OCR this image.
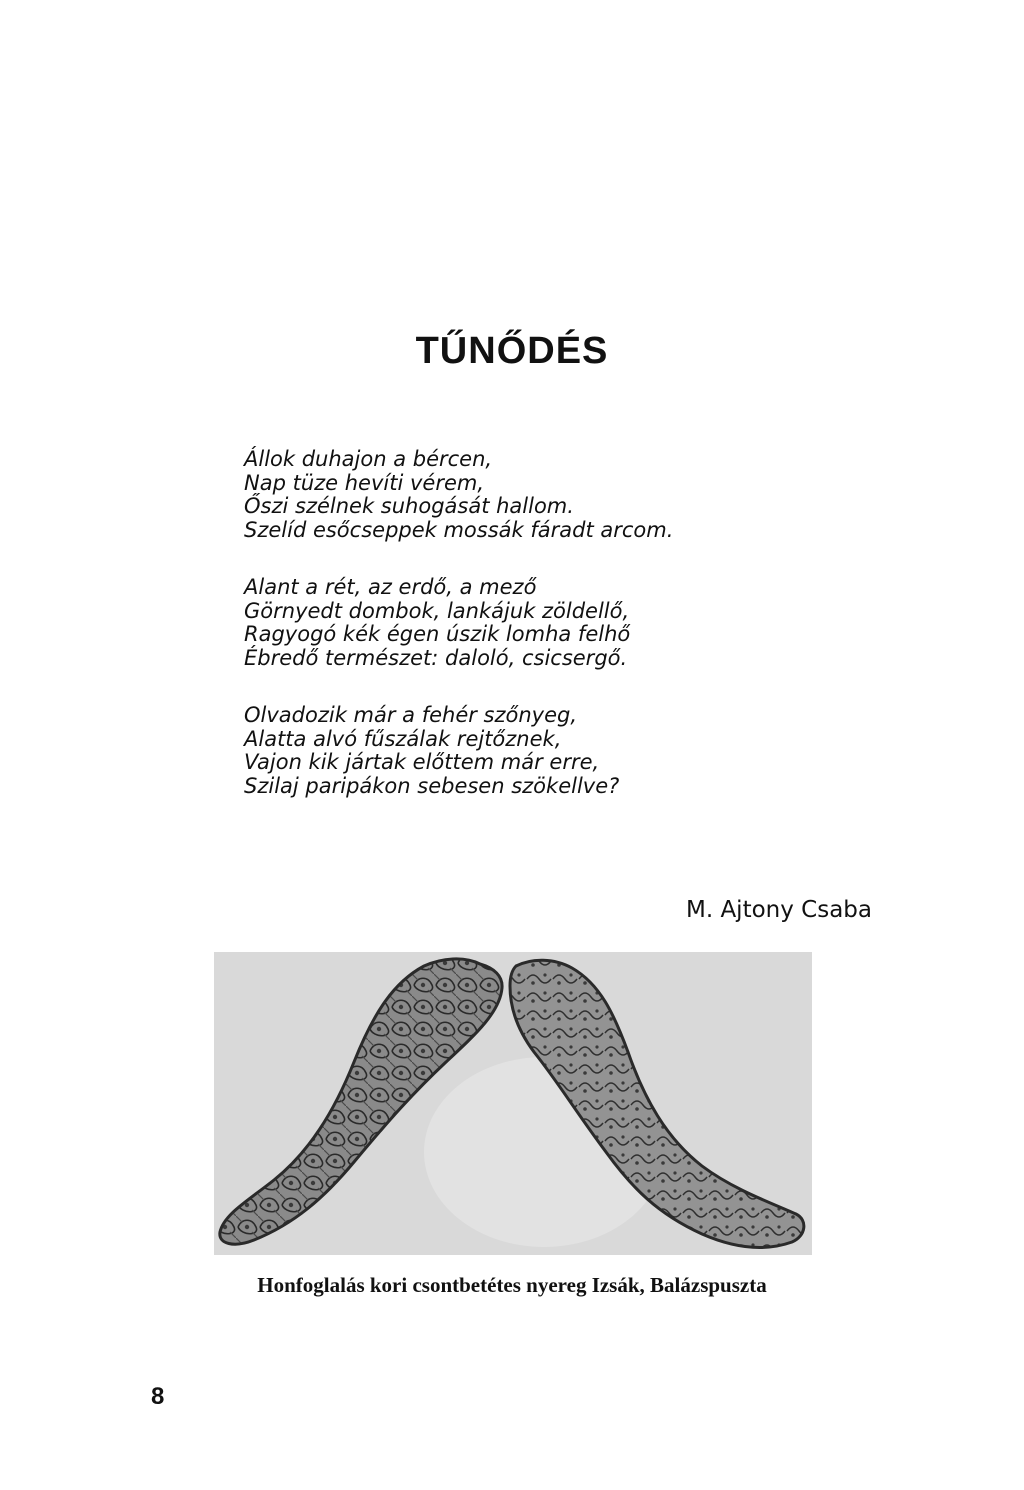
TŰNŐDÉS
Állok duhajon a bércen,
Nap tüze hevíti vérem,
Őszi szélnek suhogását hallom.
Szelíd esőcseppek mossák fáradt arcom.
Alant a rét, az erdő, a mező
Görnyedt dombok, lankájuk zöldellő,
Ragyogó kék égen úszik lomha felhő
Ébredő természet: daloló, csicsergő.
Olvadozik már a fehér szőnyeg,
Alatta alvó fűszálak rejtőznek,
Vajon kik jártak előttem már erre,
Szilaj paripákon sebesen szökellve?
M. Ajtony Csaba
Honfoglalás kori csontbetétes nyereg Izsák, Balázspuszta
8
